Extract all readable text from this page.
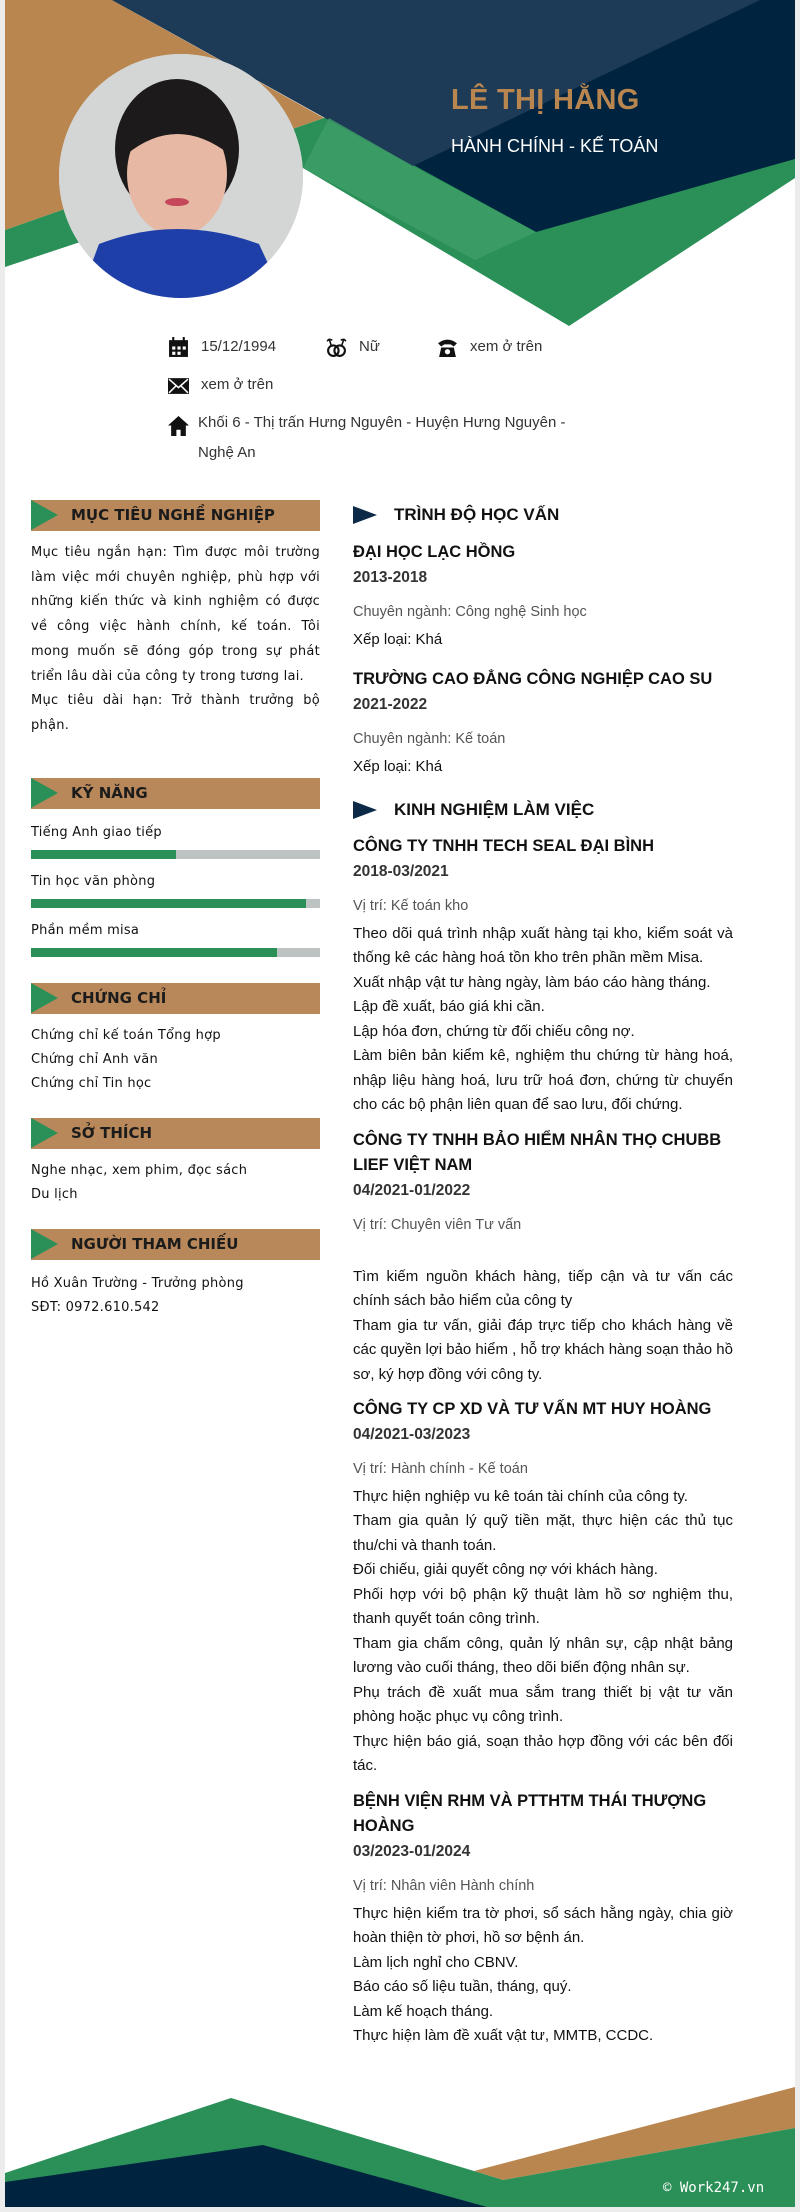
LÊ THỊ HẰNG
HÀNH CHÍNH - KẾ TOÁN
15/12/1994	Nữ	xem ở trên
xem ở trên
Khối 6 - Thị trấn Hưng Nguyên - Huyện Hưng Nguyên - Nghệ An
MỤC TIÊU NGHỀ NGHIỆP
Mục tiêu ngắn hạn: Tìm được môi trường làm việc mới chuyên nghiệp, phù hợp với những kiến thức và kinh nghiệm có được về công việc hành chính, kế toán. Tôi mong muốn sẽ đóng góp trong sự phát triển lâu dài của công ty trong tương lai.
Mục tiêu dài hạn: Trở thành trưởng bộ phận.
KỸ NĂNG
Tiếng Anh giao tiếp
Tin học văn phòng
Phần mềm misa
CHỨNG CHỈ
Chứng chỉ kế toán Tổng hợp
Chứng chỉ Anh văn
Chứng chỉ Tin học
SỞ THÍCH
Nghe nhạc, xem phim, đọc sách
Du lịch
NGƯỜI THAM CHIẾU
Hồ Xuân Trường - Trưởng phòng
SĐT: 0972.610.542
TRÌNH ĐỘ HỌC VẤN
ĐẠI HỌC LẠC HỒNG
2013-2018
Chuyên ngành: Công nghệ Sinh học
Xếp loại: Khá
TRƯỜNG CAO ĐẲNG CÔNG NGHIỆP CAO SU
2021-2022
Chuyên ngành: Kế toán
Xếp loại: Khá
KINH NGHIỆM LÀM VIỆC
CÔNG TY TNHH TECH SEAL ĐẠI BÌNH
2018-03/2021
Vị trí: Kế toán kho
Theo dõi quá trình nhập xuất hàng tại kho, kiểm soát và thống kê các hàng hoá tồn kho trên phần mềm Misa.
Xuất nhập vật tư hàng ngày, làm báo cáo hàng tháng.
Lập đề xuất, báo giá khi cần.
Lập hóa đơn, chứng từ đối chiếu công nợ.
Làm biên bản kiểm kê, nghiệm thu chứng từ hàng hoá, nhập liệu hàng hoá, lưu trữ hoá đơn, chứng từ chuyển cho các bộ phận liên quan để sao lưu, đối chứng.
CÔNG TY TNHH BẢO HIỂM NHÂN THỌ CHUBB LIEF VIỆT NAM
04/2021-01/2022
Vị trí: Chuyên viên Tư vấn
Tìm kiếm nguồn khách hàng, tiếp cận và tư vấn các chính sách bảo hiểm của công ty
Tham gia tư vấn, giải đáp trực tiếp cho khách hàng về các quyền lợi bảo hiểm , hỗ trợ khách hàng soạn thảo hồ sơ, ký hợp đồng với công ty.
CÔNG TY CP XD VÀ TƯ VẤN MT HUY HOÀNG
04/2021-03/2023
Vị trí: Hành chính - Kế toán
Thực hiện nghiệp vu kê toán tài chính của công ty.
Tham gia quản lý quỹ tiền mặt, thực hiện các thủ tục thu/chi và thanh toán.
Đối chiếu, giải quyết công nợ với khách hàng.
Phối hợp với bộ phận kỹ thuật làm hồ sơ nghiệm thu, thanh quyết toán công trình.
Tham gia chấm công, quản lý nhân sự, cập nhật bảng lương vào cuối tháng, theo dõi biến động nhân sự.
Phụ trách đề xuất mua sắm trang thiết bị vật tư văn phòng hoặc phục vụ công trình.
Thực hiện báo giá, soạn thảo hợp đồng với các bên đối tác.
BỆNH VIỆN RHM VÀ PTTHTM THÁI THƯỢNG HOÀNG
03/2023-01/2024
Vị trí: Nhân viên Hành chính
Thực hiện kiểm tra tờ phơi, sổ sách hằng ngày, chia giờ hoàn thiện tờ phơi, hồ sơ bệnh án.
Làm lịch nghỉ cho CBNV.
Báo cáo số liệu tuần, tháng, quý.
Làm kế hoạch tháng.
Thực hiện làm đề xuất vật tư, MMTB, CCDC.
© Work247.vn
